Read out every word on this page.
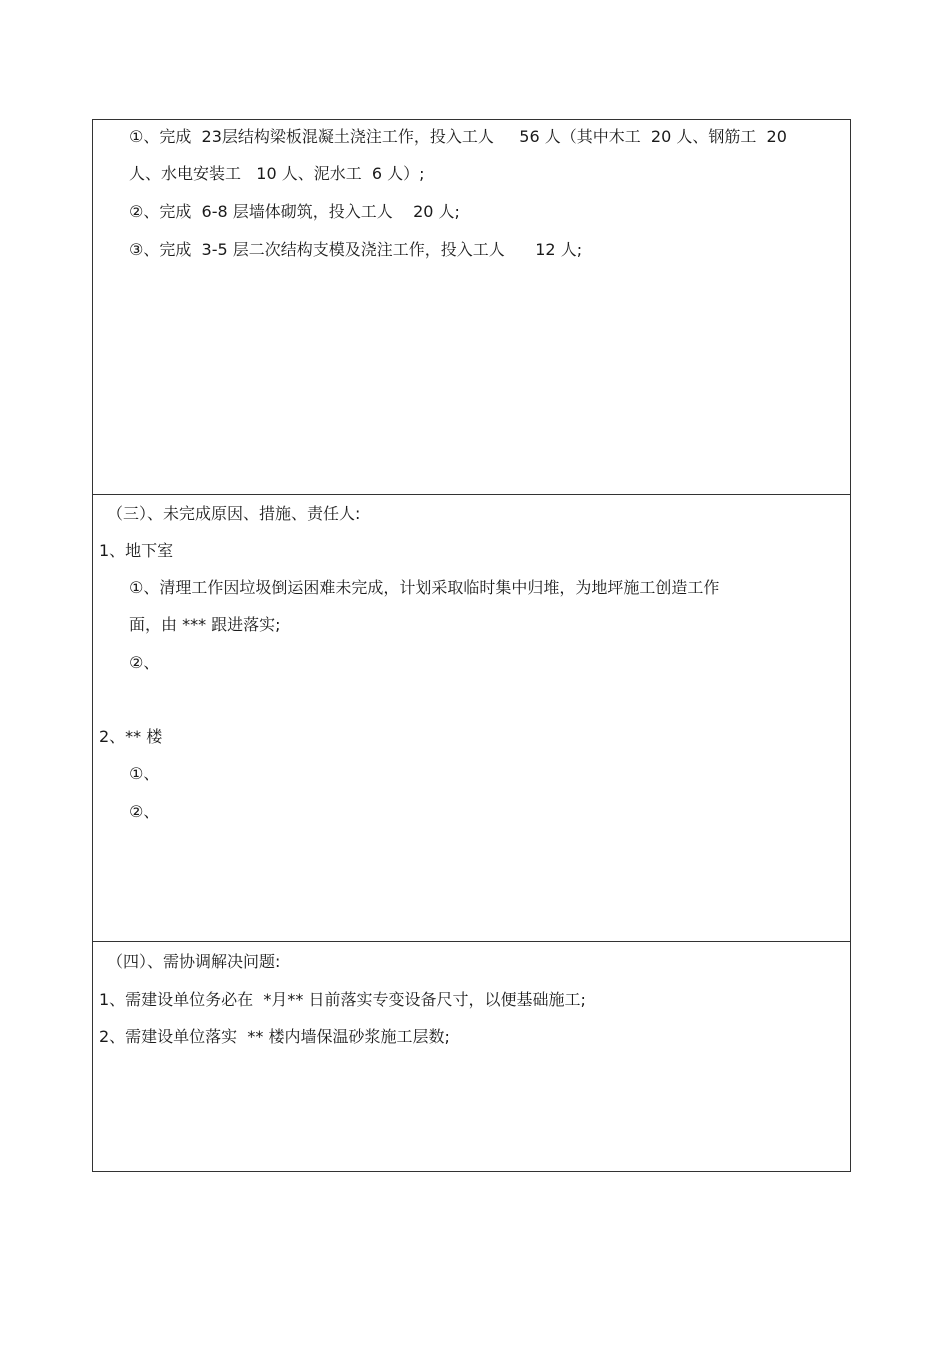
①、完成  23层结构梁板混凝土浇注工作，投入工人     56 人（其中木工  20 人、钢筋工  20
人、水电安装工   10 人、泥水工  6 人）;
②、完成  6-8 层墙体砌筑，投入工人    20 人;
③、完成  3-5 层二次结构支模及浇注工作，投入工人      12 人;
（三）、未完成原因、措施、责任人:
1、地下室
①、清理工作因垃圾倒运困难未完成，计划采取临时集中归堆，为地坪施工创造工作
面，由 *** 跟进落实;
②、
2、** 楼
①、
②、
（四）、需协调解决问题:
1、需建设单位务必在  *月** 日前落实专变设备尺寸，以便基础施工;
2、需建设单位落实  ** 楼内墙保温砂浆施工层数;
